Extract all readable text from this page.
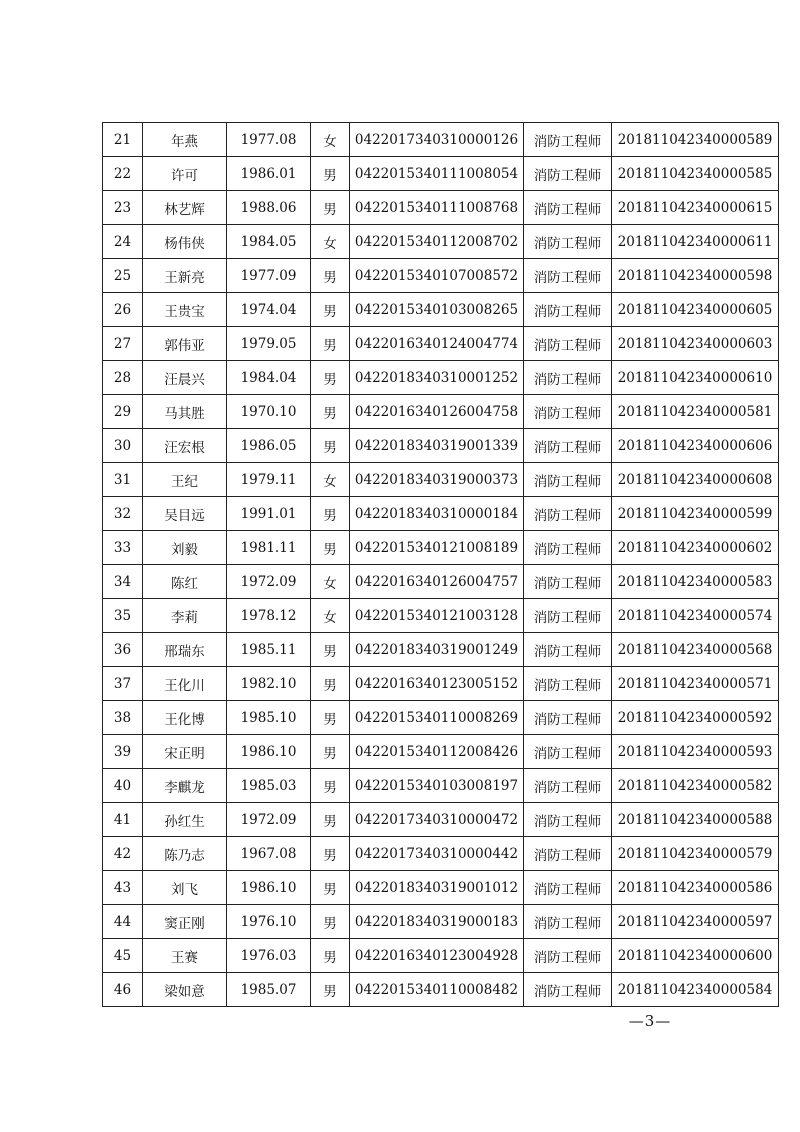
21	年燕	1977.08	女	0422017340310000126	消防工程师	201811042340000589
22	许可	1986.01	男	0422015340111008054	消防工程师	201811042340000585
23	林艺辉	1988.06	男	0422015340111008768	消防工程师	201811042340000615
24	杨伟侠	1984.05	女	0422015340112008702	消防工程师	201811042340000611
25	王新亮	1977.09	男	0422015340107008572	消防工程师	201811042340000598
26	王贵宝	1974.04	男	0422015340103008265	消防工程师	201811042340000605
27	郭伟亚	1979.05	男	0422016340124004774	消防工程师	201811042340000603
28	汪晨兴	1984.04	男	0422018340310001252	消防工程师	201811042340000610
29	马其胜	1970.10	男	0422016340126004758	消防工程师	201811042340000581
30	汪宏根	1986.05	男	0422018340319001339	消防工程师	201811042340000606
31	王纪	1979.11	女	0422018340319000373	消防工程师	201811042340000608
32	吴目远	1991.01	男	0422018340310000184	消防工程师	201811042340000599
33	刘毅	1981.11	男	0422015340121008189	消防工程师	201811042340000602
34	陈红	1972.09	女	0422016340126004757	消防工程师	201811042340000583
35	李莉	1978.12	女	0422015340121003128	消防工程师	201811042340000574
36	邢瑞东	1985.11	男	0422018340319001249	消防工程师	201811042340000568
37	王化川	1982.10	男	0422016340123005152	消防工程师	201811042340000571
38	王化博	1985.10	男	0422015340110008269	消防工程师	201811042340000592
39	宋正明	1986.10	男	0422015340112008426	消防工程师	201811042340000593
40	李麒龙	1985.03	男	0422015340103008197	消防工程师	201811042340000582
41	孙红生	1972.09	男	0422017340310000472	消防工程师	201811042340000588
42	陈乃志	1967.08	男	0422017340310000442	消防工程师	201811042340000579
43	刘飞	1986.10	男	0422018340319001012	消防工程师	201811042340000586
44	窦正刚	1976.10	男	0422018340319000183	消防工程师	201811042340000597
45	王赛	1976.03	男	0422016340123004928	消防工程师	201811042340000600
46	梁如意	1985.07	男	0422015340110008482	消防工程师	201811042340000584
—3—
